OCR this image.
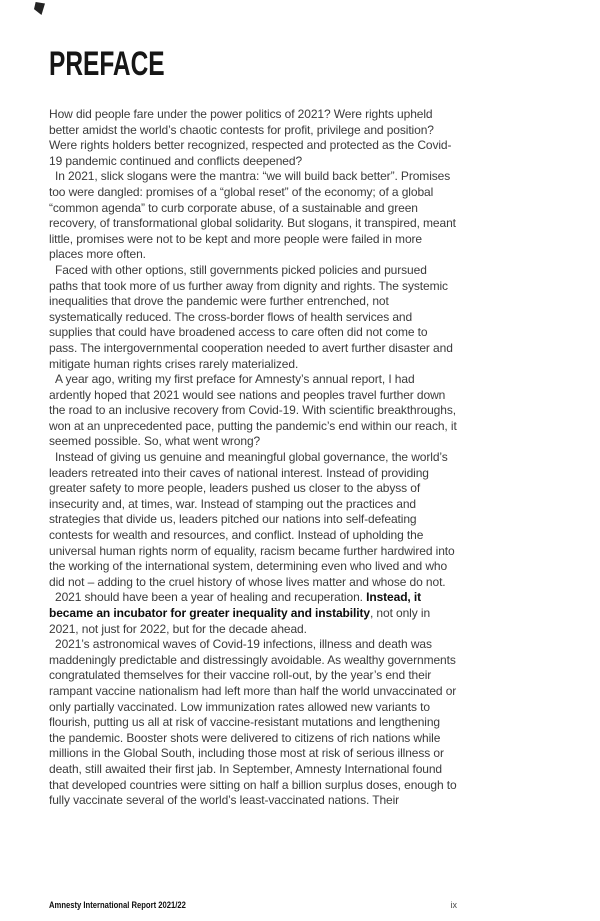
PREFACE

How did people fare under the power politics of 2021? Were rights upheld better amidst the world’s chaotic contests for profit, privilege and position? Were rights holders better recognized, respected and protected as the Covid-19 pandemic continued and conflicts deepened?

In 2021, slick slogans were the mantra: “we will build back better”. Promises too were dangled: promises of a “global reset” of the economy; of a global “common agenda” to curb corporate abuse, of a sustainable and green recovery, of transformational global solidarity. But slogans, it transpired, meant little, promises were not to be kept and more people were failed in more places more often.

Faced with other options, still governments picked policies and pursued paths that took more of us further away from dignity and rights. The systemic inequalities that drove the pandemic were further entrenched, not systematically reduced. The cross-border flows of health services and supplies that could have broadened access to care often did not come to pass. The intergovernmental cooperation needed to avert further disaster and mitigate human rights crises rarely materialized.

A year ago, writing my first preface for Amnesty’s annual report, I had ardently hoped that 2021 would see nations and peoples travel further down the road to an inclusive recovery from Covid-19. With scientific breakthroughs, won at an unprecedented pace, putting the pandemic’s end within our reach, it seemed possible. So, what went wrong?

Instead of giving us genuine and meaningful global governance, the world’s leaders retreated into their caves of national interest. Instead of providing greater safety to more people, leaders pushed us closer to the abyss of insecurity and, at times, war. Instead of stamping out the practices and strategies that divide us, leaders pitched our nations into self-defeating contests for wealth and resources, and conflict. Instead of upholding the universal human rights norm of equality, racism became further hardwired into the working of the international system, determining even who lived and who did not – adding to the cruel history of whose lives matter and whose do not.

2021 should have been a year of healing and recuperation. Instead, it became an incubator for greater inequality and instability, not only in 2021, not just for 2022, but for the decade ahead.

2021’s astronomical waves of Covid-19 infections, illness and death was maddeningly predictable and distressingly avoidable. As wealthy governments congratulated themselves for their vaccine roll-out, by the year’s end their rampant vaccine nationalism had left more than half the world unvaccinated or only partially vaccinated. Low immunization rates allowed new variants to flourish, putting us all at risk of vaccine-resistant mutations and lengthening the pandemic. Booster shots were delivered to citizens of rich nations while millions in the Global South, including those most at risk of serious illness or death, still awaited their first jab. In September, Amnesty International found that developed countries were sitting on half a billion surplus doses, enough to fully vaccinate several of the world’s least-vaccinated nations. Their

Amnesty International Report 2021/22	ix
